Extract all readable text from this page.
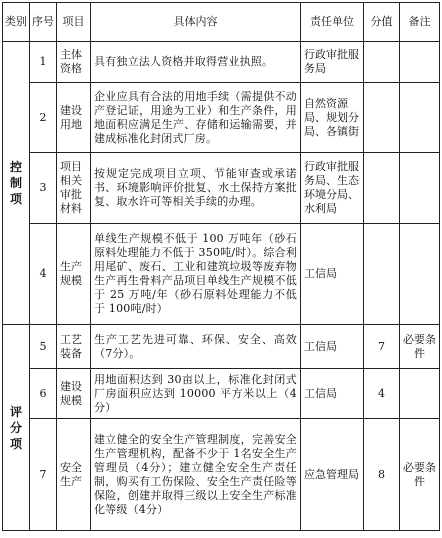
类别	序号	项目	具体内容	责任单位	分值	备注
控制项	1	主体资格	具有独立法人资格并取得营业执照。	行政审批服务局		
	2	建设用地	企业应具有合法的用地手续（需提供不动产登记证，用途为工业）和生产条件，用地面积应满足生产、存储和运输需要，并建成标准化封闭式厂房。	自然资源局、规划分局、各镇街		
	3	项目相关审批材料	按规定完成项目立项、节能审查或承诺书、环境影响评价批复、水土保持方案批复、取水许可等相关手续的办理。	行政审批服务局、生态环境分局、水利局		
	4	生产规模	单线生产规模不低于 100 万吨年（砂石原料处理能力不低于 350吨/时）。综合利用尾矿、废石、工业和建筑垃圾等废弃物生产再生骨料产品项目单线生产规模不低于 25 万吨/年（砂石原料处理能力不低于 100吨/时）	工信局		
评分项	5	工艺装备	生产工艺先进可靠、环保、安全、高效（7分）。	工信局	7	必要条件
	6	建设规模	用地面积达到 30亩以上，标准化封闭式厂房面积应达到 10000 平方米以上（4分）	工信局	4	
	7	安全生产	建立健全的安全生产管理制度，完善安全生产管理机构，配备不少于 1名安全生产管理员（4分）；建立健全安全生产责任制，购买有工伤保险、安全生产责任险等保险，创建并取得三级以上安全生产标准化等级（4分）	应急管理局	8	必要条件
